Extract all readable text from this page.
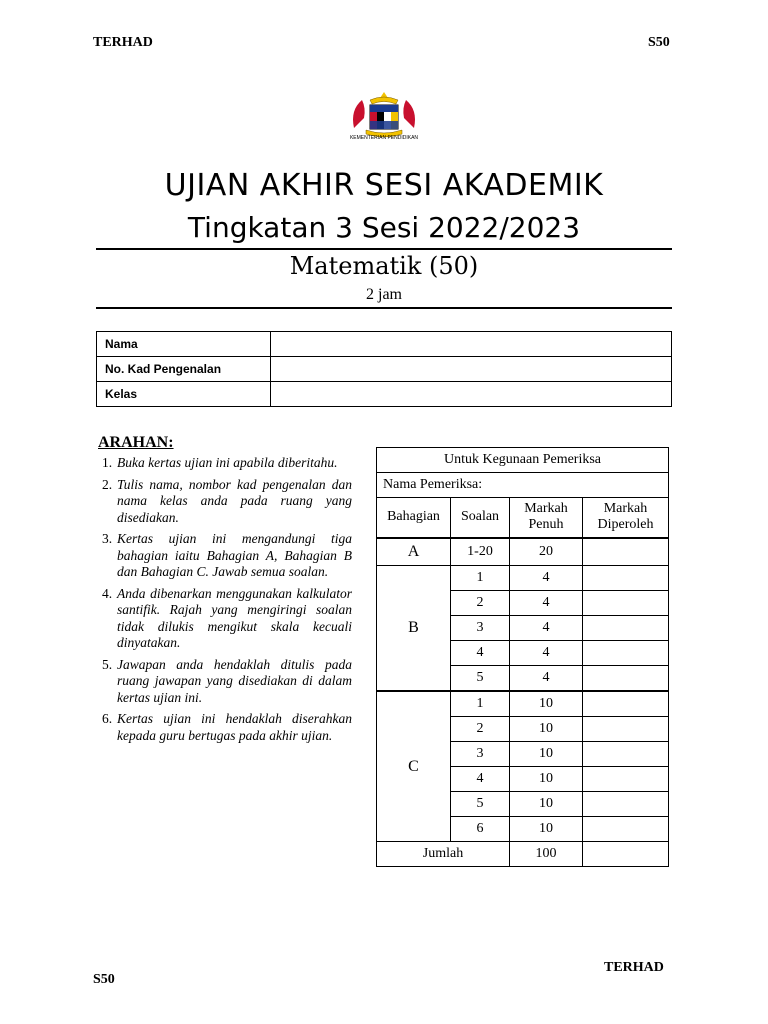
TERHAD	S50
KEMENTERIAN PENDIDIKAN
UJIAN AKHIR SESI AKADEMIK
Tingkatan 3 Sesi 2022/2023
Matematik (50)
2 jam
Nama	
No. Kad Pengenalan	
Kelas	
ARAHAN:
1. Buka kertas ujian ini apabila diberitahu.
2. Tulis nama, nombor kad pengenalan dan nama kelas anda pada ruang yang disediakan.
3. Kertas ujian ini mengandungi tiga bahagian iaitu Bahagian A, Bahagian B dan Bahagian C. Jawab semua soalan.
4. Anda dibenarkan menggunakan kalkulator santifik. Rajah yang mengiringi soalan tidak dilukis mengikut skala kecuali dinyatakan.
5. Jawapan anda hendaklah ditulis pada ruang jawapan yang disediakan di dalam kertas ujian ini.
6. Kertas ujian ini hendaklah diserahkan kepada guru bertugas pada akhir ujian.
Untuk Kegunaan Pemeriksa			
Nama Pemeriksa:			
Bahagian	Soalan	Markah Penuh	Markah Diperoleh
A	1-20	20	
B	1	4	
	2	4	
	3	4	
	4	4	
	5	4	
C	1	10	
	2	10	
	3	10	
	4	10	
	5	10	
	6	10	
Jumlah		100	
S50
TERHAD
